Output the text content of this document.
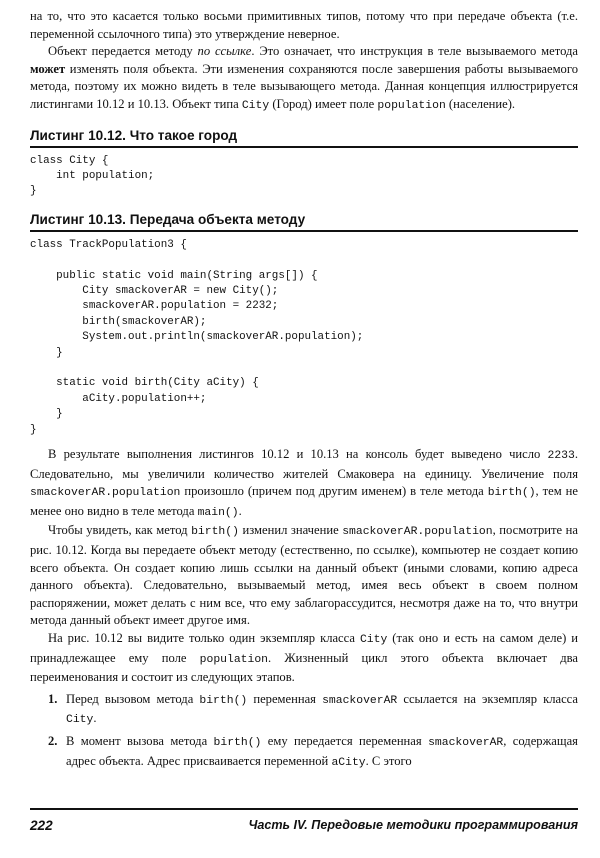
на то, что это касается только восьми примитивных типов, потому что при передаче объекта (т.е. переменной ссылочного типа) это утверждение неверное.

Объект передается методу по ссылке. Это означает, что инструкция в теле вызываемого метода может изменять поля объекта. Эти изменения сохраняются после завершения работы вызываемого метода, поэтому их можно видеть в теле вызывающего метода. Данная концепция иллюстрируется листингами 10.12 и 10.13. Объект типа City (Город) имеет поле population (население).

Листинг 10.12. Что такое город
class City {
int population;
}
Листинг 10.13. Передача объекта методу
class TrackPopulation3 {

public static void main(String args[]) {
City smackoverAR = new City();
smackoverAR.population = 2232;
birth(smackoverAR);
System.out.println(smackoverAR.population);
}

static void birth(City aCity) {
aCity.population++;
}
}

В результате выполнения листингов 10.12 и 10.13 на консоль будет выведено число 2233. Следовательно, мы увеличили количество жителей Смаковера на единицу. Увеличение поля smackoverAR.population произошло (причем под другим именем) в теле метода birth(), тем не менее оно видно в теле метода main().

Чтобы увидеть, как метод birth() изменил значение smackoverAR.population, посмотрите на рис. 10.12. Когда вы передаете объект методу (естественно, по ссылке), компьютер не создает копию всего объекта. Он создает копию лишь ссылки на данный объект (иными словами, копию адреса данного объекта). Следовательно, вызываемый метод, имея весь объект в своем полном распоряжении, может делать с ним все, что ему заблагорассудится, несмотря даже на то, что внутри метода данный объект имеет другое имя.

На рис. 10.12 вы видите только один экземпляр класса City (так оно и есть на самом деле) и принадлежащее ему поле population. Жизненный цикл этого объекта включает два переименования и состоит из следующих этапов.

1. Перед вызовом метода birth() переменная smackoverAR ссылается на экземпляр класса City.
2. В момент вызова метода birth() ему передается переменная smackoverAR, содержащая адрес объекта. Адрес присваивается переменной aCity. С этого
222	Часть IV. Передовые методики программирования
